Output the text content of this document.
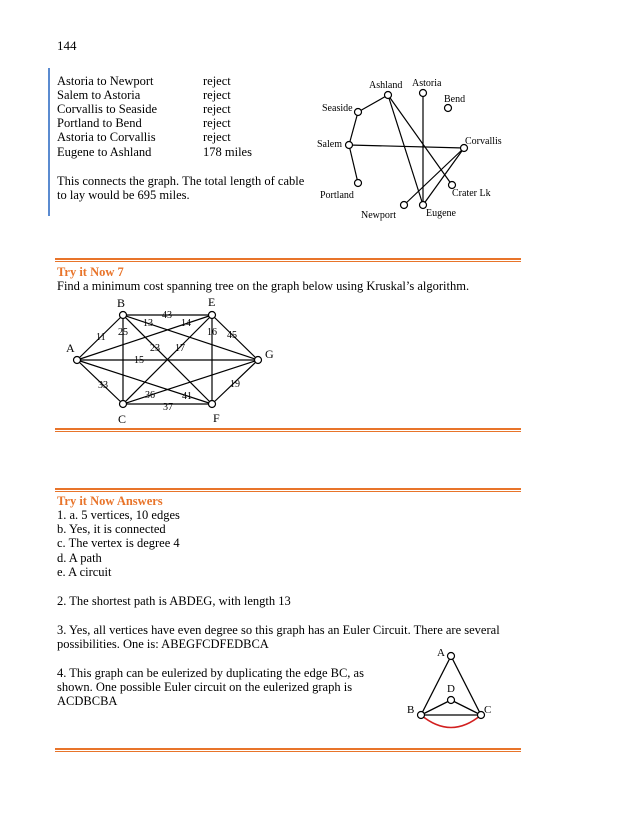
144
Astoria to Newport	reject
Salem to Astoria	reject
Corvallis to Seaside	reject
Portland to Bend	reject
Astoria to Corvallis	reject
Eugene to Ashland	178 miles
This connects the graph. The total length of cable
to lay would be 695 miles.
Ashland Astoria
Bend
Seaside
Salem	Corvallis
Portland	Crater Lk
Newport	Eugene
Try it Now 7
Find a minimum cost spanning tree on the graph below using Kruskal’s algorithm.
A
B
C
E
F
G
11
33
14
41
15
43
25
13
23 17
37
36
16 45
19
Try it Now Answers
1. a. 5 vertices, 10 edges
b. Yes, it is connected
c. The vertex is degree 4
d. A path
e. A circuit
2. The shortest path is ABDEG, with length 13
3. Yes, all vertices have even degree so this graph has an Euler Circuit. There are several
possibilities. One is: ABEGFCDFEDBCA
4. This graph can be eulerized by duplicating the edge BC, as
shown. One possible Euler circuit on the eulerized graph is
ACDBCBA
A
B	C
D
